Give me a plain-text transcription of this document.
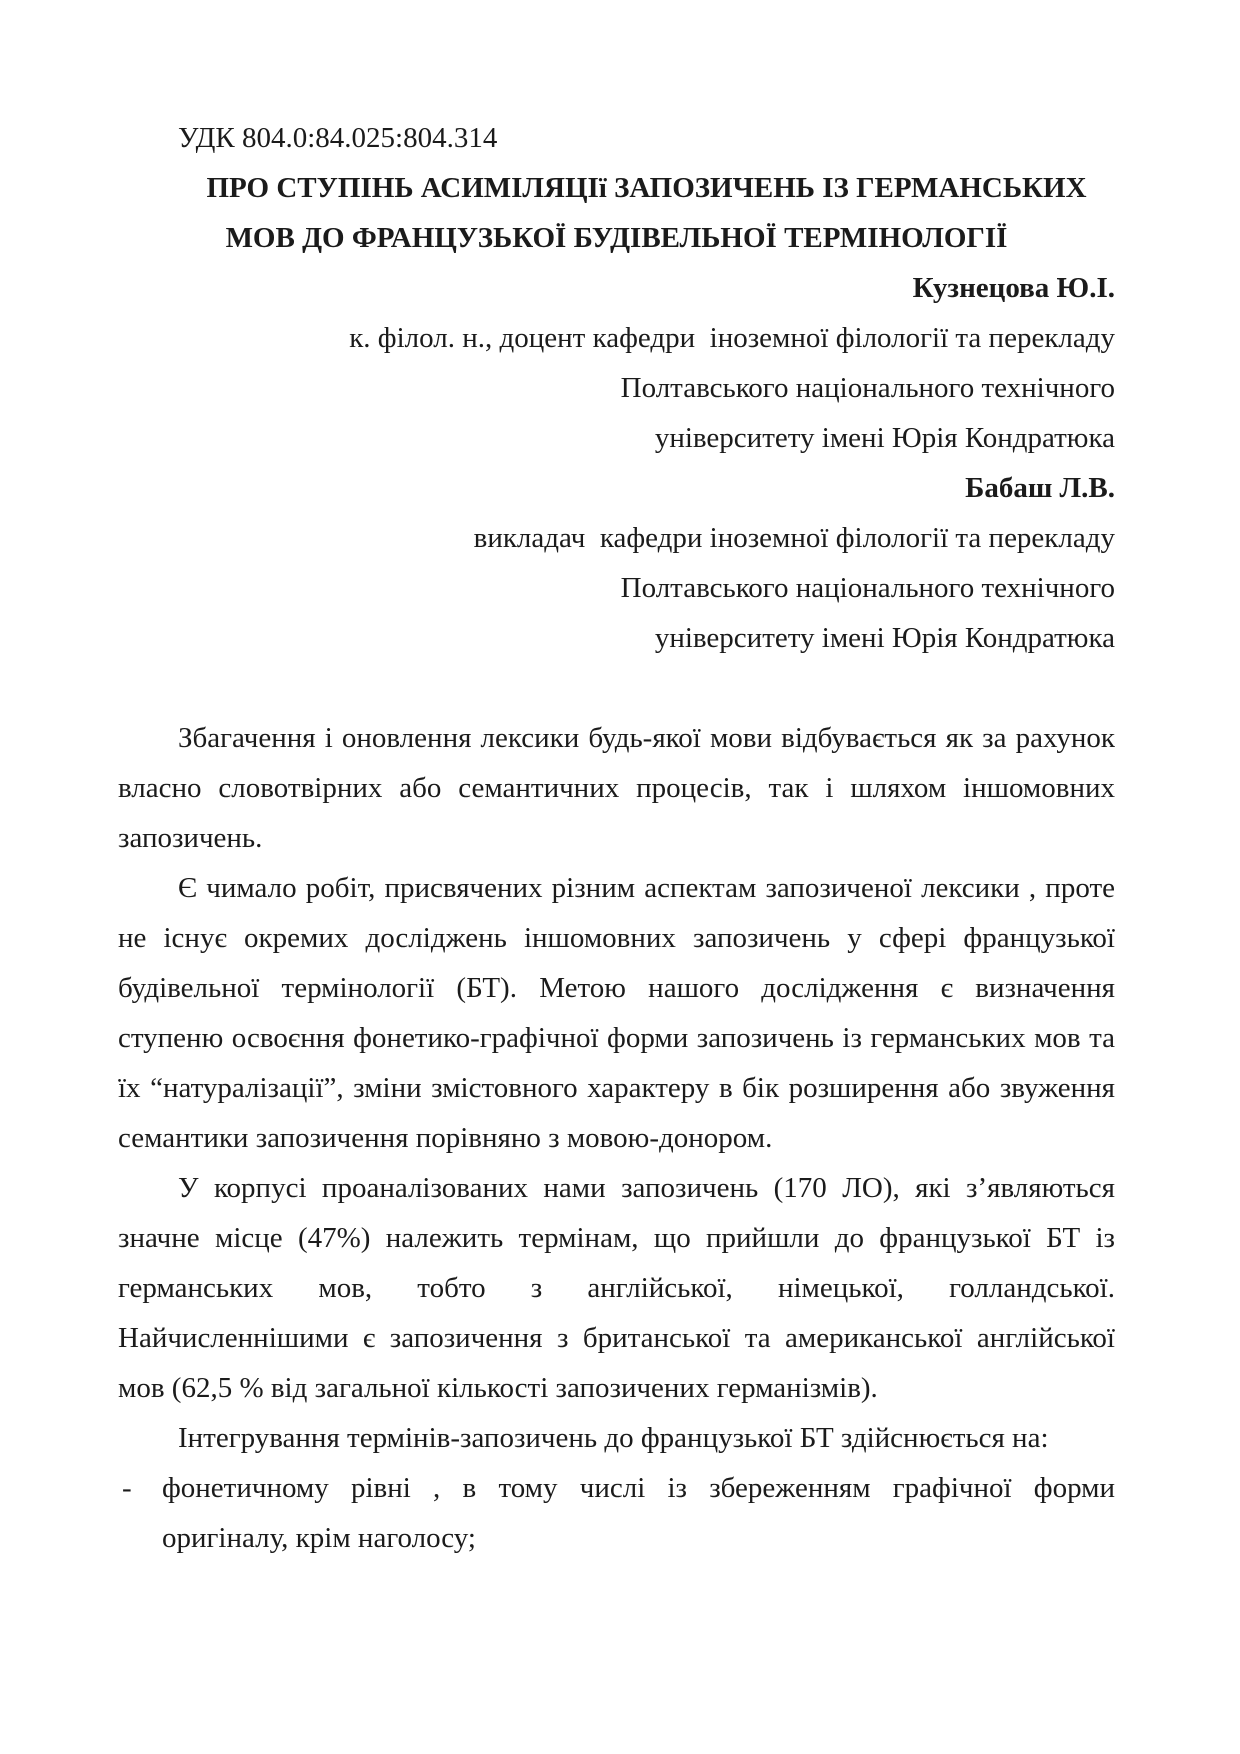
УДК 804.0:84.025:804.314
ПРО СТУПІНЬ АСИМІЛЯЦІї ЗАПОЗИЧЕНЬ ІЗ ГЕРМАНСЬКИХ
МОВ ДО ФРАНЦУЗЬКОЇ БУДІВЕЛЬНОЇ ТЕРМІНОЛОГІЇ
Кузнецова Ю.І.
к. філол. н., доцент кафедри  іноземної філології та перекладу
Полтавського національного технічного
університету імені Юрія Кондратюка
Бабаш Л.В.
викладач  кафедри іноземної філології та перекладу
Полтавського національного технічного
університету імені Юрія Кондратюка
Збагачення і оновлення лексики будь-якої мови відбувається як за рахунок
власно словотвірних або семантичних процесів, так і шляхом іншомовних
запозичень.
Є чимало робіт, присвячених різним аспектам запозиченої лексики , проте
не існує окремих досліджень іншомовних запозичень у сфері французької
будівельної термінології (БТ). Метою нашого дослідження є визначення
ступеню освоєння фонетико-графічної форми запозичень із германських мов та
їх “натуралізації”, зміни змістовного характеру в бік розширення або звуження
семантики запозичення порівняно з мовою-донором.
У корпусі проаналізованих нами запозичень (170 ЛО), які з’являються
значне місце (47%) належить термінам, що прийшли до французької БТ із
германських мов, тобто з англійської, німецької, голландської.
Найчисленнішими є запозичення з британської та американської англійської
мов (62,5 % від загальної кількості запозичених германізмів).
Інтегрування термінів-запозичень до французької БТ здійснюється на:
- фонетичному рівні , в тому числі із збереженням графічної форми
оригіналу, крім наголосу;
